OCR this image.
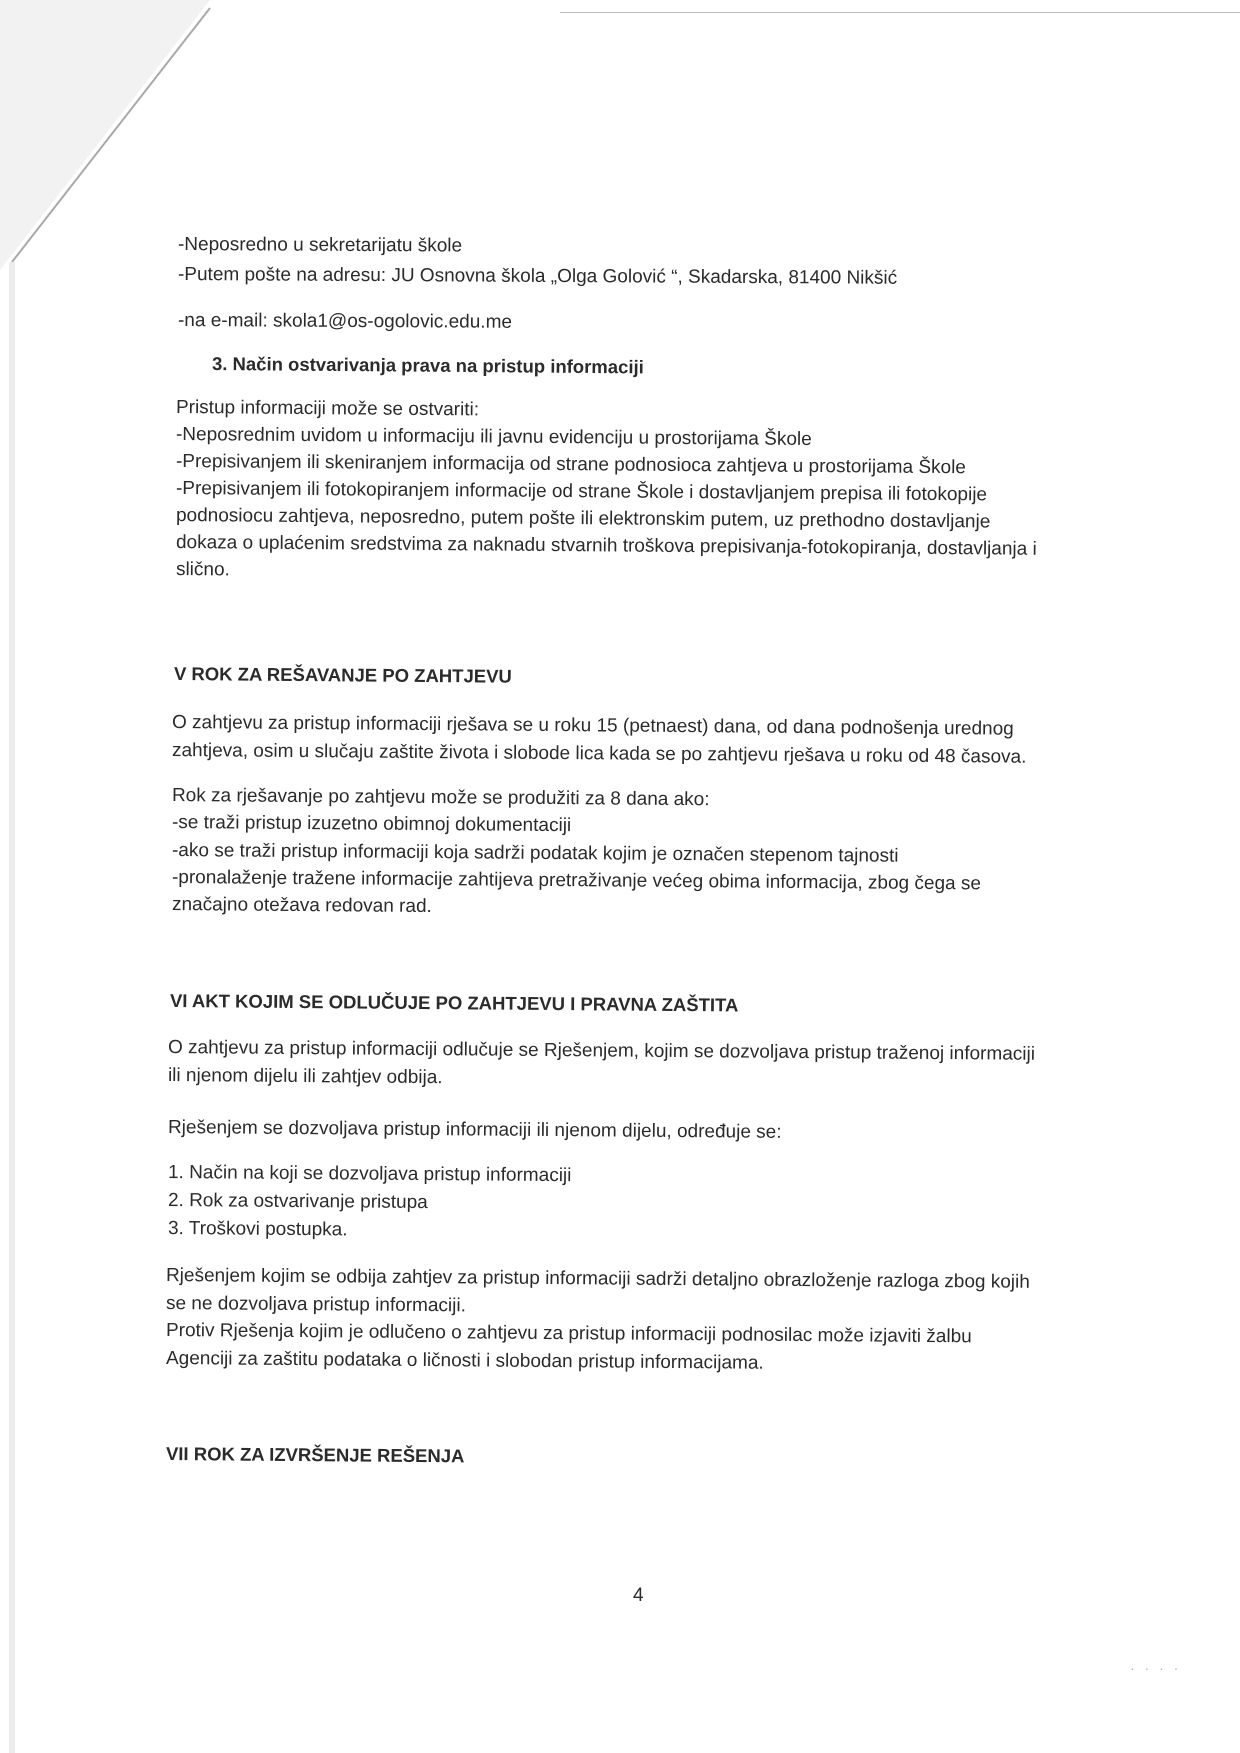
-Neposredno u sekretarijatu škole
-Putem pošte na adresu: JU Osnovna škola „Olga Golović “, Skadarska, 81400 Nikšić
-na e-mail: skola1@os-ogolovic.edu.me
3. Način ostvarivanja prava na pristup informaciji
Pristup informaciji može se ostvariti:
-Neposrednim uvidom u informaciju ili javnu evidenciju u prostorijama Škole
-Prepisivanjem ili skeniranjem informacija od strane podnosioca zahtjeva u prostorijama Škole
-Prepisivanjem ili fotokopiranjem informacije od strane Škole i dostavljanjem prepisa ili fotokopije
podnosiocu zahtjeva, neposredno, putem pošte ili elektronskim putem, uz prethodno dostavljanje
dokaza o uplaćenim sredstvima za naknadu stvarnih troškova prepisivanja-fotokopiranja, dostavljanja i
slično.
V ROK ZA REŠAVANJE PO ZAHTJEVU
O zahtjevu za pristup informaciji rješava se u roku 15 (petnaest) dana, od dana podnošenja urednog
zahtjeva, osim u slučaju zaštite života i slobode lica kada se po zahtjevu rješava u roku od 48 časova.
Rok za rješavanje po zahtjevu može se produžiti za 8 dana ako:
-se traži pristup izuzetno obimnoj dokumentaciji
-ako se traži pristup informaciji koja sadrži podatak kojim je označen stepenom tajnosti
-pronalaženje tražene informacije zahtijeva pretraživanje većeg obima informacija, zbog čega se
značajno otežava redovan rad.
VI AKT KOJIM SE ODLUČUJE PO ZAHTJEVU I PRAVNA ZAŠTITA
O zahtjevu za pristup informaciji odlučuje se Rješenjem, kojim se dozvoljava pristup traženoj informaciji
ili njenom dijelu ili zahtjev odbija.
Rješenjem se dozvoljava pristup informaciji ili njenom dijelu, određuje se:
1. Način na koji se dozvoljava pristup informaciji
2. Rok za ostvarivanje pristupa
3. Troškovi postupka.
Rješenjem kojim se odbija zahtjev za pristup informaciji sadrži detaljno obrazloženje razloga zbog kojih
se ne dozvoljava pristup informaciji.
Protiv Rješenja kojim je odlučeno o zahtjevu za pristup informaciji podnosilac može izjaviti žalbu
Agenciji za zaštitu podataka o ličnosti i slobodan pristup informacijama.
VII ROK ZA IZVRŠENJE REŠENJA
4
· · · ·
